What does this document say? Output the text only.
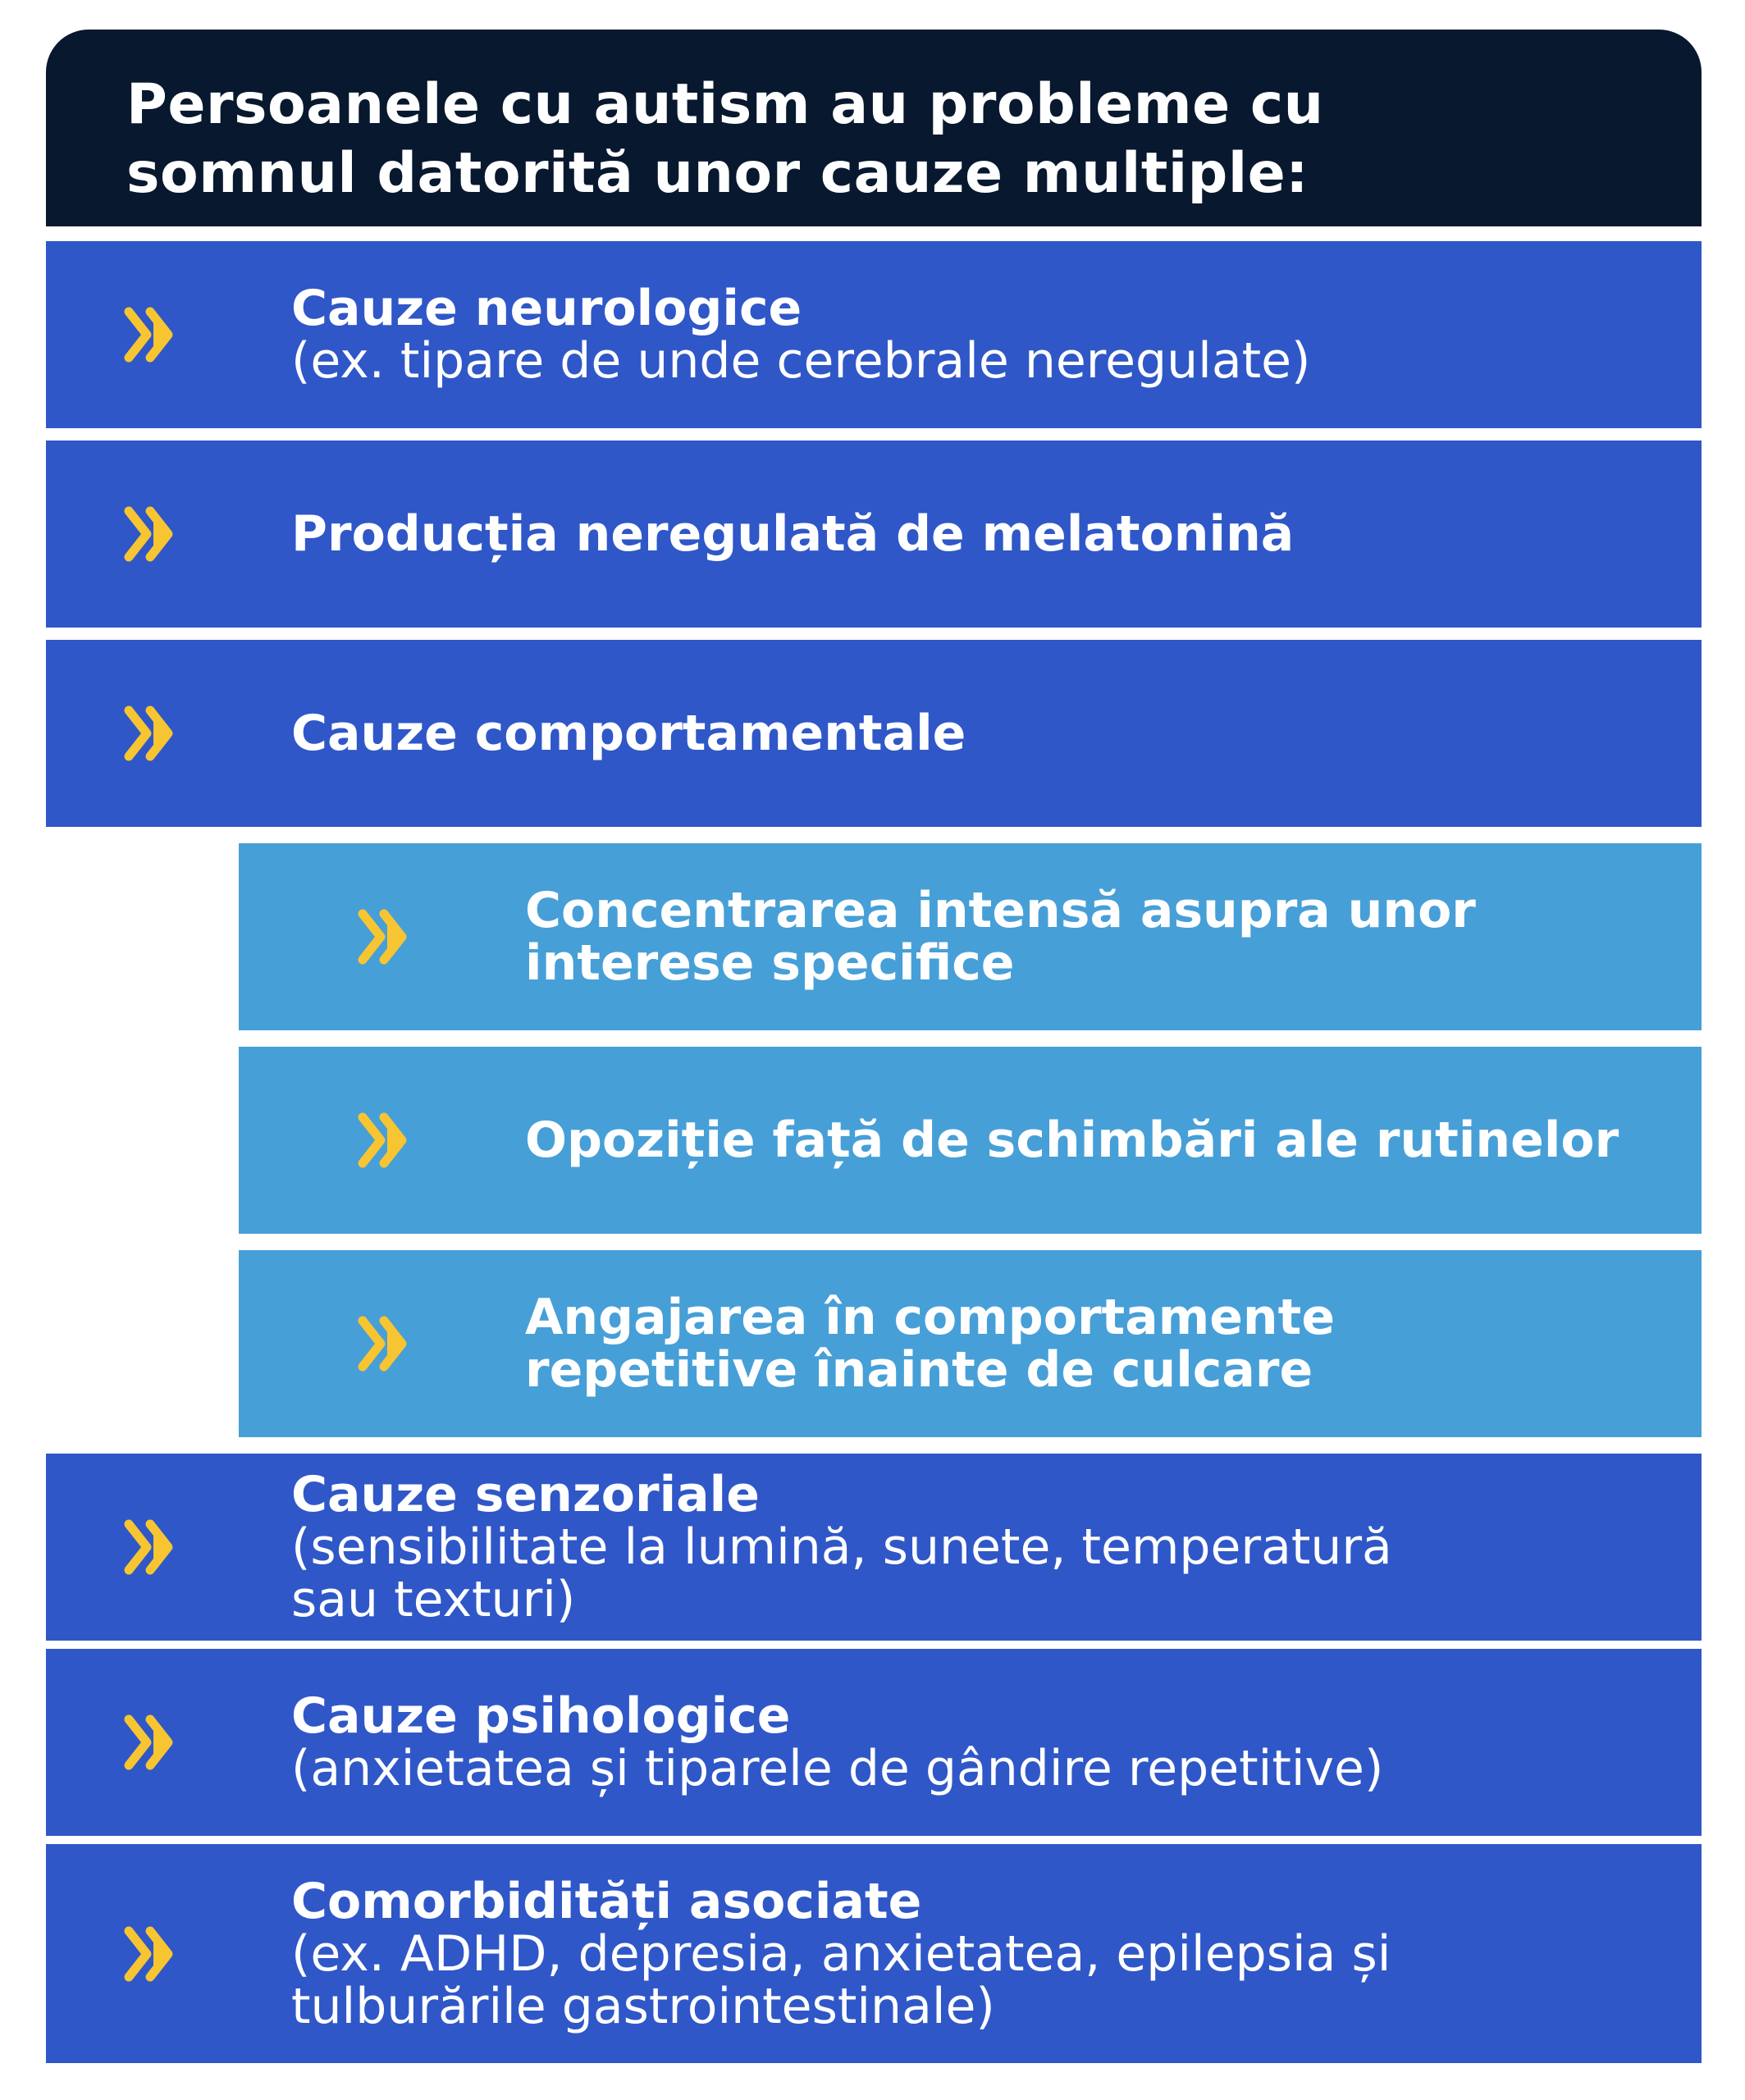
Persoanele cu autism au probleme cu
somnul datorită unor cauze multiple:
Cauze neurologice
(ex. tipare de unde cerebrale neregulate)
Producția neregulată de melatonină
Cauze comportamentale
Concentrarea intensă asupra unor
interese specifice
Opoziție față de schimbări ale rutinelor
Angajarea în comportamente
repetitive înainte de culcare
Cauze senzoriale
(sensibilitate la lumină, sunete, temperatură
sau texturi)
Cauze psihologice
(anxietatea și tiparele de gândire repetitive)
Comorbidități asociate
(ex. ADHD, depresia, anxietatea, epilepsia și
tulburările gastrointestinale)
